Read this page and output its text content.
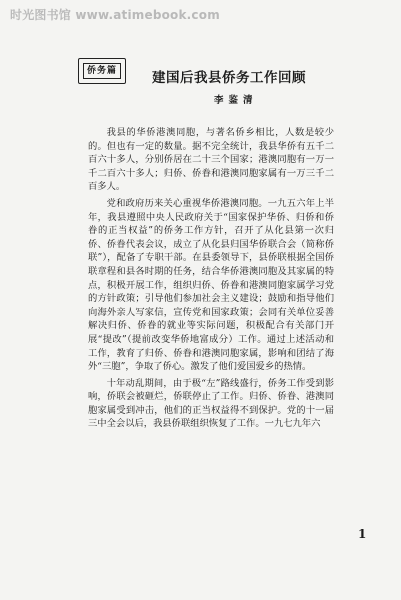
时光图书馆 www.atimebook.com
侨务篇	建国后我县侨务工作回顾
李鉴清

我县的华侨港澳同胞，与著名侨乡相比，人数是较少的。但也有一定的数量。据不完全统计，我县华侨有五千二百六十多人，分别侨居在二十三个国家；港澳同胞有一万一千二百六十多人；归侨、侨眷和港澳同胞家属有一万三千二百多人。

党和政府历来关心重视华侨港澳同胞。一九五六年上半年，我县遵照中央人民政府关于“国家保护华侨、归侨和侨眷的正当权益”的侨务工作方针，召开了从化县第一次归侨、侨眷代表会议，成立了从化县归国华侨联合会（简称侨联”），配备了专职干部。在县委领导下，县侨联根据全国侨联章程和县各时期的任务，结合华侨港澳同胞及其家属的特点，积极开展工作，组织归侨、侨眷和港澳同胞家属学习党的方针政策；引导他们参加社会主义建设；鼓励和指导他们向海外亲人写家信，宣传党和国家政策；会同有关单位妥善解决归侨、侨眷的就业等实际问题，积极配合有关部门开展“提改”（提前改变华侨地富成分）工作。通过上述活动和工作，教育了归侨、侨眷和港澳同胞家属，影响和团结了海外“三胞”，争取了侨心。激发了他们爱国爱乡的热情。

十年动乱期间，由于极“左”路线盛行，侨务工作受到影响，侨联会被砸烂，侨联停止了工作。归侨、侨眷、港澳同胞家属受到冲击，他们的正当权益得不到保护。党的十一届三中全会以后，我县侨联组织恢复了工作。一九七九年六

1
